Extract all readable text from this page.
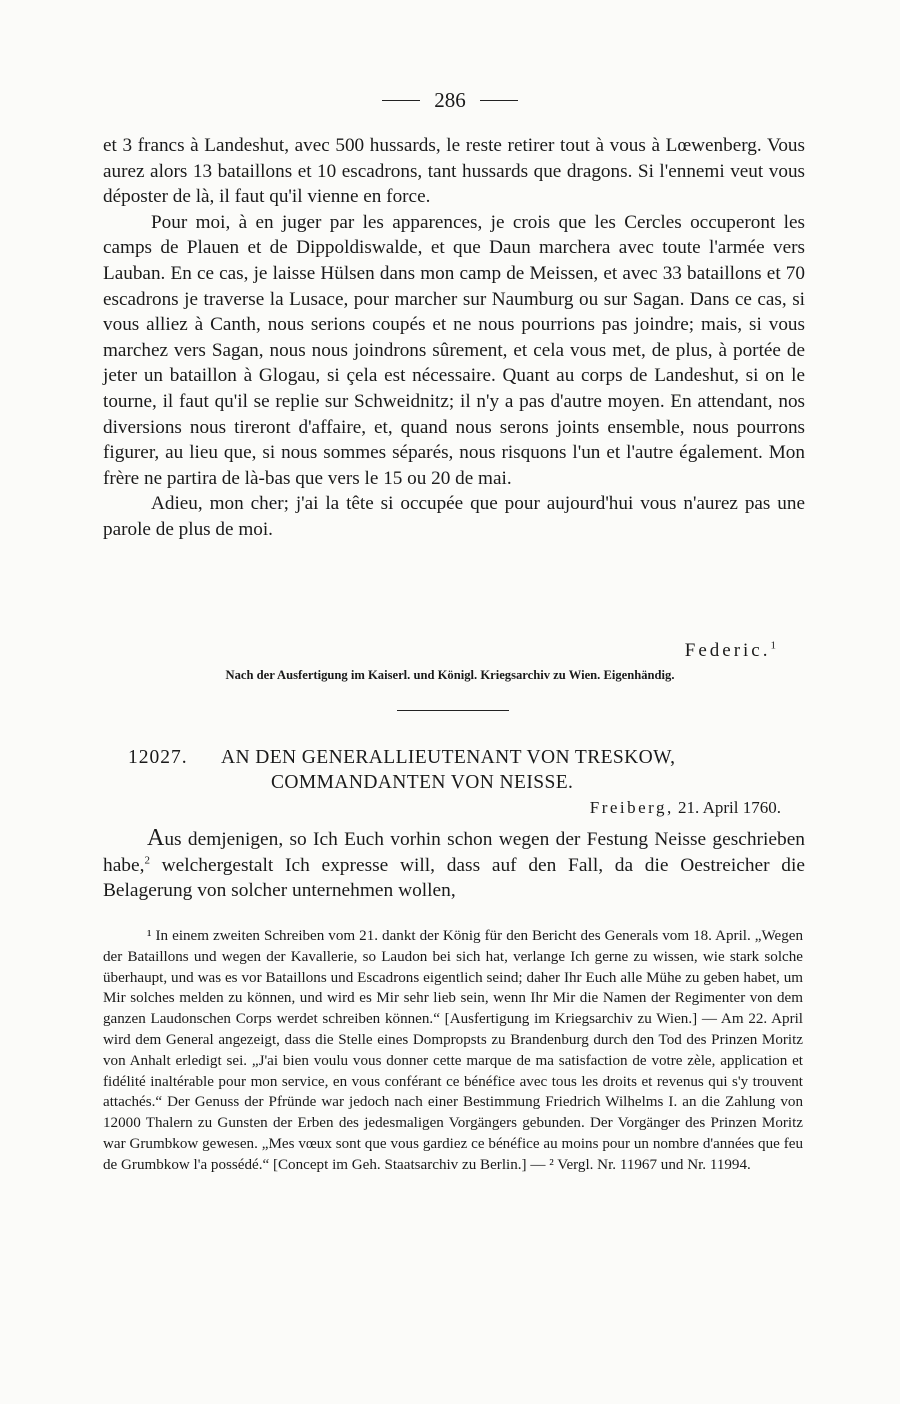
286

et 3 francs à Landeshut, avec 500 hussards, le reste retirer tout à vous à Lœwenberg. Vous aurez alors 13 bataillons et 10 escadrons, tant hussards que dragons. Si l'ennemi veut vous déposter de là, il faut qu'il vienne en force.

Pour moi, à en juger par les apparences, je crois que les Cercles occuperont les camps de Plauen et de Dippoldiswalde, et que Daun marchera avec toute l'armée vers Lauban. En ce cas, je laisse Hülsen dans mon camp de Meissen, et avec 33 bataillons et 70 escadrons je traverse la Lusace, pour marcher sur Naumburg ou sur Sagan. Dans ce cas, si vous alliez à Canth, nous serions coupés et ne nous pourrions pas joindre; mais, si vous marchez vers Sagan, nous nous joindrons sûrement, et cela vous met, de plus, à portée de jeter un bataillon à Glogau, si çela est nécessaire. Quant au corps de Landeshut, si on le tourne, il faut qu'il se replie sur Schweidnitz; il n'y a pas d'autre moyen. En attendant, nos diversions nous tireront d'affaire, et, quand nous serons joints ensemble, nous pourrons figurer, au lieu que, si nous sommes séparés, nous risquons l'un et l'autre également. Mon frère ne partira de là-bas que vers le 15 ou 20 de mai.

Adieu, mon cher; j'ai la tête si occupée que pour aujourd'hui vous n'aurez pas une parole de plus de moi.

Federic.$^1$
Nach der Ausfertigung im Kaiserl. und Königl. Kriegsarchiv zu Wien. Eigenhändig.
12027. AN DEN GENERALLIEUTENANT VON TRESKOW,
COMMANDANTEN VON NEISSE.
Freiberg, 21. April 1760.
Aus demjenigen, so Ich Euch vorhin schon wegen der Festung Neisse geschrieben habe,$^2$ welchergestalt Ich expresse will, dass auf den Fall, da die Oestreicher die Belagerung von solcher unternehmen wollen,

¹ In einem zweiten Schreiben vom 21. dankt der König für den Bericht des Generals vom 18. April. „Wegen der Bataillons und wegen der Kavallerie, so Laudon bei sich hat, verlange Ich gerne zu wissen, wie stark solche überhaupt, und was es vor Bataillons und Escadrons eigentlich seind; daher Ihr Euch alle Mühe zu geben habet, um Mir solches melden zu können, und wird es Mir sehr lieb sein, wenn Ihr Mir die Namen der Regimenter von dem ganzen Laudonschen Corps werdet schreiben können.“ [Ausfertigung im Kriegsarchiv zu Wien.] — Am 22. April wird dem General angezeigt, dass die Stelle eines Dompropsts zu Brandenburg durch den Tod des Prinzen Moritz von Anhalt erledigt sei. „J'ai bien voulu vous donner cette marque de ma satisfaction de votre zèle, application et fidélité inaltérable pour mon service, en vous conférant ce bénéfice avec tous les droits et revenus qui s'y trouvent attachés.“ Der Genuss der Pfründe war jedoch nach einer Bestimmung Friedrich Wilhelms I. an die Zahlung von 12000 Thalern zu Gunsten der Erben des jedesmaligen Vorgängers gebunden. Der Vorgänger des Prinzen Moritz war Grumbkow gewesen. „Mes vœux sont que vous gardiez ce bénéfice au moins pour un nombre d'années que feu de Grumbkow l'a possédé.“ [Concept im Geh. Staatsarchiv zu Berlin.] — ² Vergl. Nr. 11967 und Nr. 11994.
